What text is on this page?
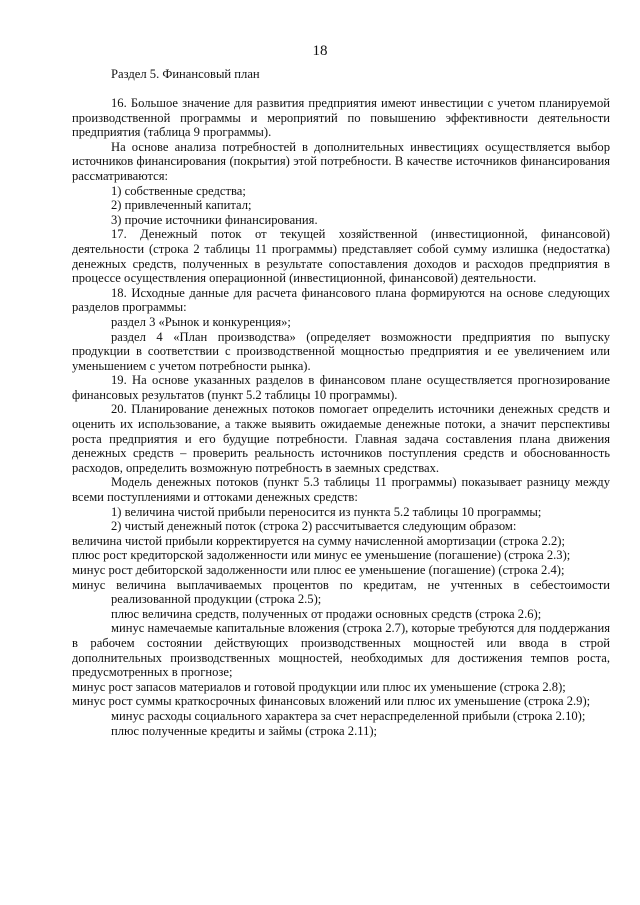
18
Раздел 5. Финансовый план

16. Большое значение для развития предприятия имеют инвестиции с учетом планируемой производственной программы и мероприятий по повышению эффективности деятельности предприятия (таблица 9 программы).

На основе анализа потребностей в дополнительных инвестициях осуществляется выбор источников финансирования (покрытия) этой потребности. В качестве источников финансирования рассматриваются:

1) собственные средства;

2) привлеченный капитал;

3) прочие источники финансирования.

17. Денежный поток от текущей хозяйственной (инвестиционной, финансовой) деятельности (строка 2 таблицы 11 программы) представляет собой сумму излишка (недостатка) денежных средств, полученных в результате сопоставления доходов и расходов предприятия в процессе осуществления операционной (инвестиционной, финансовой) деятельности.

18. Исходные данные для расчета финансового плана формируются на основе следующих разделов программы:

раздел 3 «Рынок и конкуренция»;

раздел 4 «План производства» (определяет возможности предприятия по выпуску продукции в соответствии с производственной мощностью предприятия и ее увеличением или уменьшением с учетом потребности рынка).

19. На основе указанных разделов в финансовом плане осуществляется прогнозирование финансовых результатов (пункт 5.2 таблицы 10 программы).

20. Планирование денежных потоков помогает определить источники денежных средств и оценить их использование, а также выявить ожидаемые денежные потоки, а значит перспективы роста предприятия и его будущие потребности. Главная задача составления плана движения денежных средств – проверить реальность источников поступления средств и обоснованность расходов, определить возможную потребность в заемных средствах.

Модель денежных потоков (пункт 5.3 таблицы 11 программы) показывает разницу между всеми поступлениями и оттоками денежных средств:

1) величина чистой прибыли переносится из пункта 5.2 таблицы 10 программы;

2) чистый денежный поток (строка 2) рассчитывается следующим образом:

величина чистой прибыли корректируется на сумму начисленной амортизации (строка 2.2);

плюс рост кредиторской задолженности или минус ее уменьшение (погашение) (строка 2.3);

минус рост дебиторской задолженности или плюс ее уменьшение (погашение) (строка 2.4);

минус величина выплачиваемых процентов по кредитам, не учтенных в себестоимости реализованной продукции (строка 2.5);

плюс величина средств, полученных от продажи основных средств (строка 2.6);

минус намечаемые капитальные вложения (строка 2.7), которые требуются для поддержания в рабочем состоянии действующих производственных мощностей или ввода в строй дополнительных производственных мощностей, необходимых для достижения темпов роста, предусмотренных в прогнозе;

минус рост запасов материалов и готовой продукции или плюс их уменьшение (строка 2.8);

минус рост суммы краткосрочных финансовых вложений или плюс их уменьшение (строка 2.9);

минус расходы социального характера за счет нераспределенной прибыли (строка 2.10);

плюс полученные кредиты и займы (строка 2.11);
